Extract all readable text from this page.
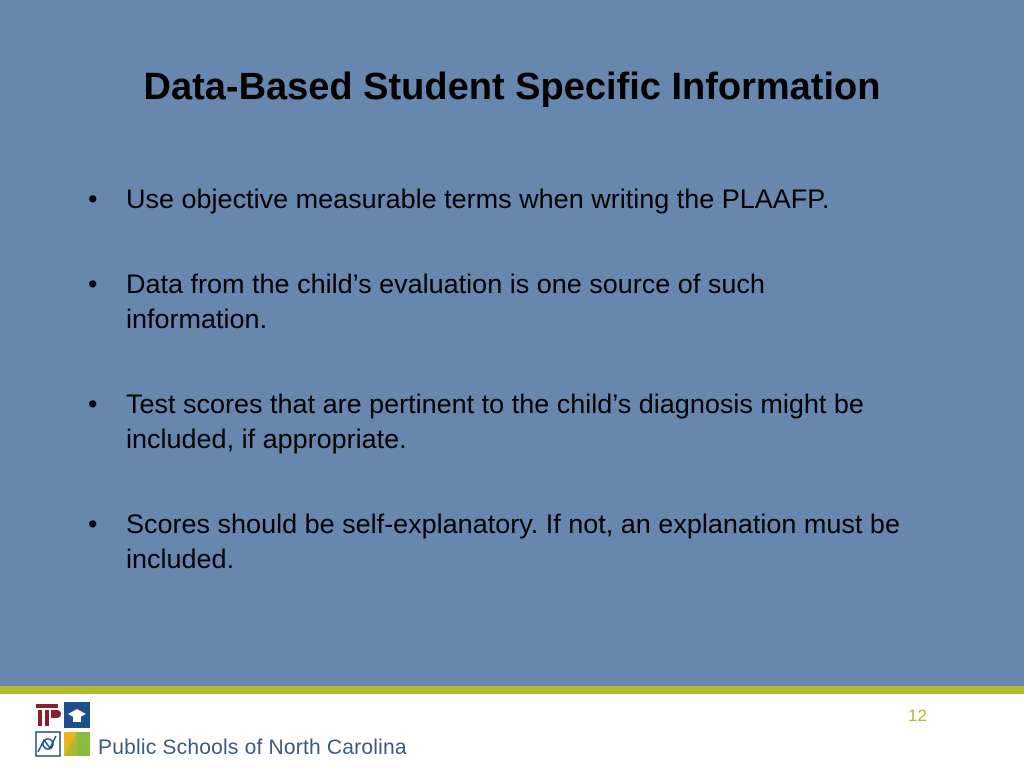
Data-Based Student Specific Information
• Use objective measurable terms when writing the PLAAFP.
• Data from the child’s evaluation is one source of such information.
• Test scores that are pertinent to the child’s diagnosis might be included, if appropriate.
• Scores should be self-explanatory. If not, an explanation must be included.
Public Schools of North Carolina
12
